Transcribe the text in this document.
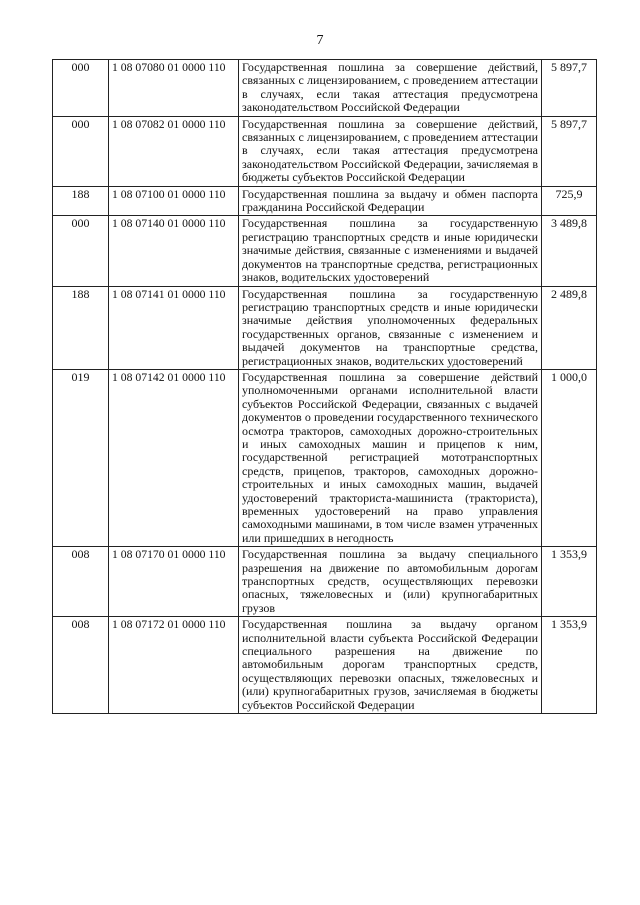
7
000	1 08 07080 01 0000 110	Государственная пошлина за совершение действий, связанных с лицензированием, с проведением аттестации в случаях, если такая аттестация предусмотрена законодательством Российской Федерации	5 897,7
000	1 08 07082 01 0000 110	Государственная пошлина за совершение действий, связанных с лицензированием, с проведением аттестации в случаях, если такая аттестация предусмотрена законодательством Российской Федерации, зачисляемая в бюджеты субъектов Российской Федерации	5 897,7
188	1 08 07100 01 0000 110	Государственная пошлина за выдачу и обмен паспорта гражданина Российской Федерации	725,9
000	1 08 07140 01 0000 110	Государственная пошлина за государственную регистрацию транспортных средств и иные юридически значимые действия, связанные с изменениями и выдачей документов на транспортные средства, регистрационных знаков, водительских удостоверений	3 489,8
188	1 08 07141 01 0000 110	Государственная пошлина за государственную регистрацию транспортных средств и иные юридически значимые действия уполномоченных федеральных государственных органов, связанные с изменением и выдачей документов на транспортные средства, регистрационных знаков, водительских удостоверений	2 489,8
019	1 08 07142 01 0000 110	Государственная пошлина за совершение действий уполномоченными органами исполнительной власти субъектов Российской Федерации, связанных с выдачей документов о проведении государственного технического осмотра тракторов, самоходных дорожно-строительных и иных самоходных машин и прицепов к ним, государственной регистрацией мототранспортных средств, прицепов, тракторов, самоходных дорожно-строительных и иных самоходных машин, выдачей удостоверений тракториста-машиниста (тракториста), временных удостоверений на право управления самоходными машинами, в том числе взамен утраченных или пришедших в негодность	1 000,0
008	1 08 07170 01 0000 110	Государственная пошлина за выдачу специального разрешения на движение по автомобильным дорогам транспортных средств, осуществляющих перевозки опасных, тяжеловесных и (или) крупногабаритных грузов	1 353,9
008	1 08 07172 01 0000 110	Государственная пошлина за выдачу органом исполнительной власти субъекта Российской Федерации специального разрешения на движение по автомобильным дорогам транспортных средств, осуществляющих перевозки опасных, тяжеловесных и (или) крупногабаритных грузов, зачисляемая в бюджеты субъектов Российской Федерации	1 353,9
